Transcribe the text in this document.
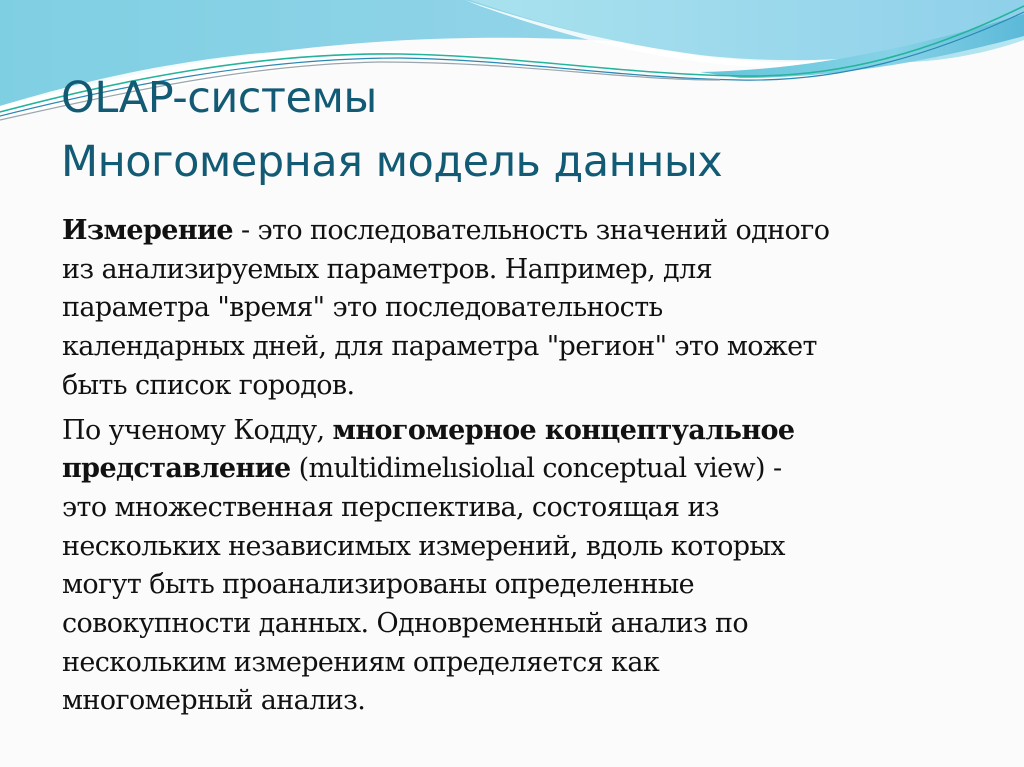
OLAP-системы
Многомерная модель данных
Измерение - это последовательность значений одного
из анализируемых параметров. Например, для
параметра "время" это последовательность
календарных дней, для параметра "регион" это может
быть список городов.
По ученому Кодду, многомерное концептуальное
представление (multidimelısiolıal conceptual view) -
это множественная перспектива, состоящая из
нескольких независимых измерений, вдоль которых
могут быть проанализированы определенные
совокупности данных. Одновременный анализ по
нескольким измерениям определяется как
многомерный анализ.
